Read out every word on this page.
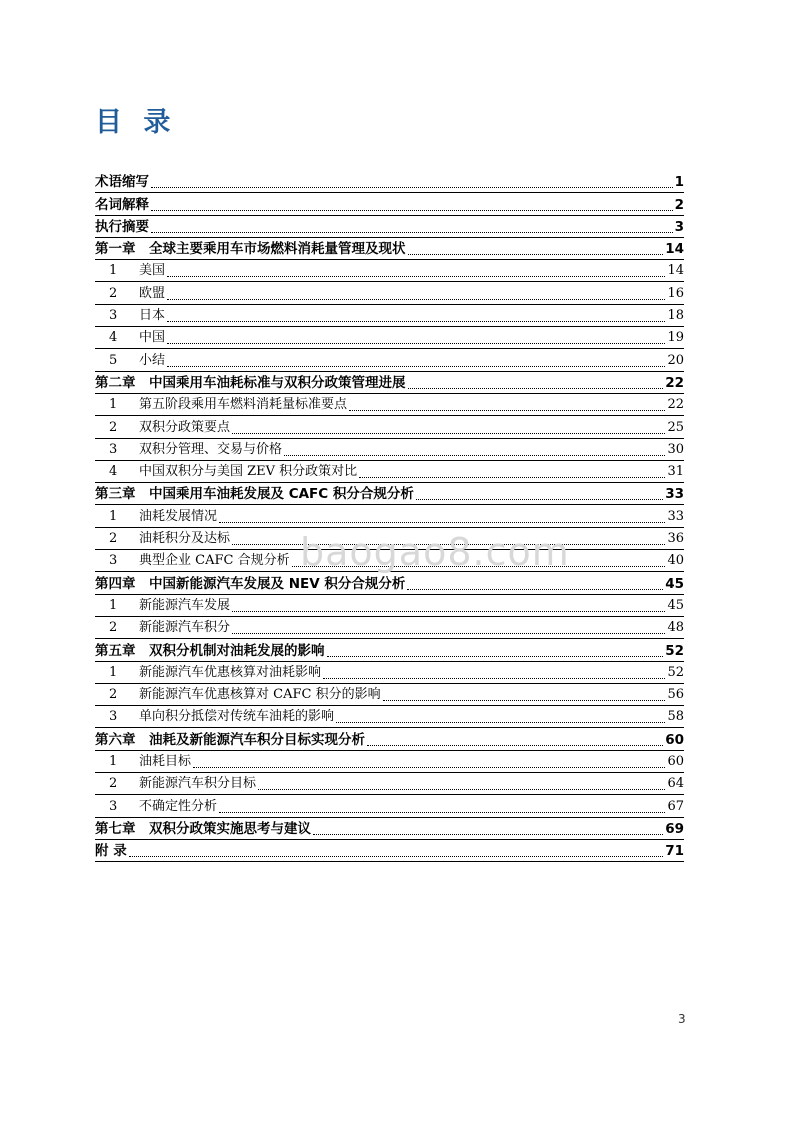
目 录
术语缩写	1
名词解释	2
执行摘要	3
第一章　全球主要乘用车市场燃料消耗量管理及现状	14
1 美国	14
2 欧盟	16
3 日本	18
4 中国	19
5 小结	20
第二章　中国乘用车油耗标准与双积分政策管理进展	22
1 第五阶段乘用车燃料消耗量标准要点	22
2 双积分政策要点	25
3 双积分管理、交易与价格	30
4 中国双积分与美国 ZEV 积分政策对比	31
第三章　中国乘用车油耗发展及 CAFC 积分合规分析	33
1 油耗发展情况	33
2 油耗积分及达标	36
3 典型企业 CAFC 合规分析	40
第四章　中国新能源汽车发展及 NEV 积分合规分析	45
1 新能源汽车发展	45
2 新能源汽车积分	48
第五章　双积分机制对油耗发展的影响	52
1 新能源汽车优惠核算对油耗影响	52
2 新能源汽车优惠核算对 CAFC 积分的影响	56
3 单向积分抵偿对传统车油耗的影响	58
第六章　油耗及新能源汽车积分目标实现分析	60
1 油耗目标	60
2 新能源汽车积分目标	64
3 不确定性分析	67
第七章　双积分政策实施思考与建议	69
附 录	71
baogao8.com
3
